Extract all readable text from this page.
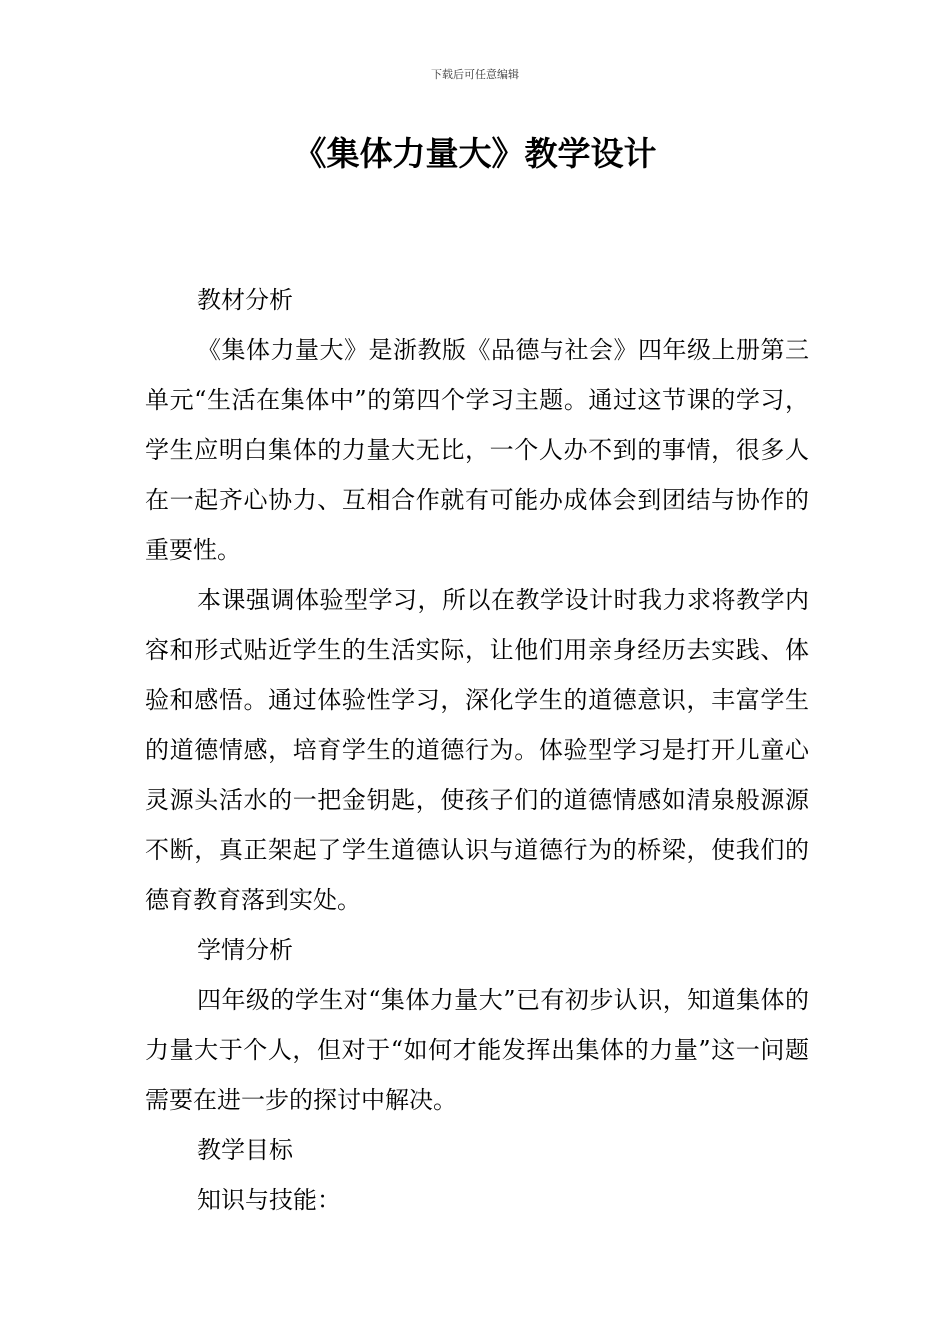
下载后可任意编辑
《集体力量大》教学设计

教材分析

《集体力量大》是浙教版《品德与社会》四年级上册第三单元“生活在集体中”的第四个学习主题。通过这节课的学习，学生应明白集体的力量大无比，一个人办不到的事情，很多人在一起齐心协力、互相合作就有可能办成体会到团结与协作的重要性。

本课强调体验型学习，所以在教学设计时我力求将教学内容和形式贴近学生的生活实际，让他们用亲身经历去实践、体验和感悟。通过体验性学习，深化学生的道德意识，丰富学生的道德情感，培育学生的道德行为。体验型学习是打开儿童心灵源头活水的一把金钥匙，使孩子们的道德情感如清泉般源源不断，真正架起了学生道德认识与道德行为的桥梁，使我们的德育教育落到实处。

学情分析

四年级的学生对“集体力量大”已有初步认识，知道集体的力量大于个人，但对于“如何才能发挥出集体的力量”这一问题需要在进一步的探讨中解决。

教学目标

知识与技能：
